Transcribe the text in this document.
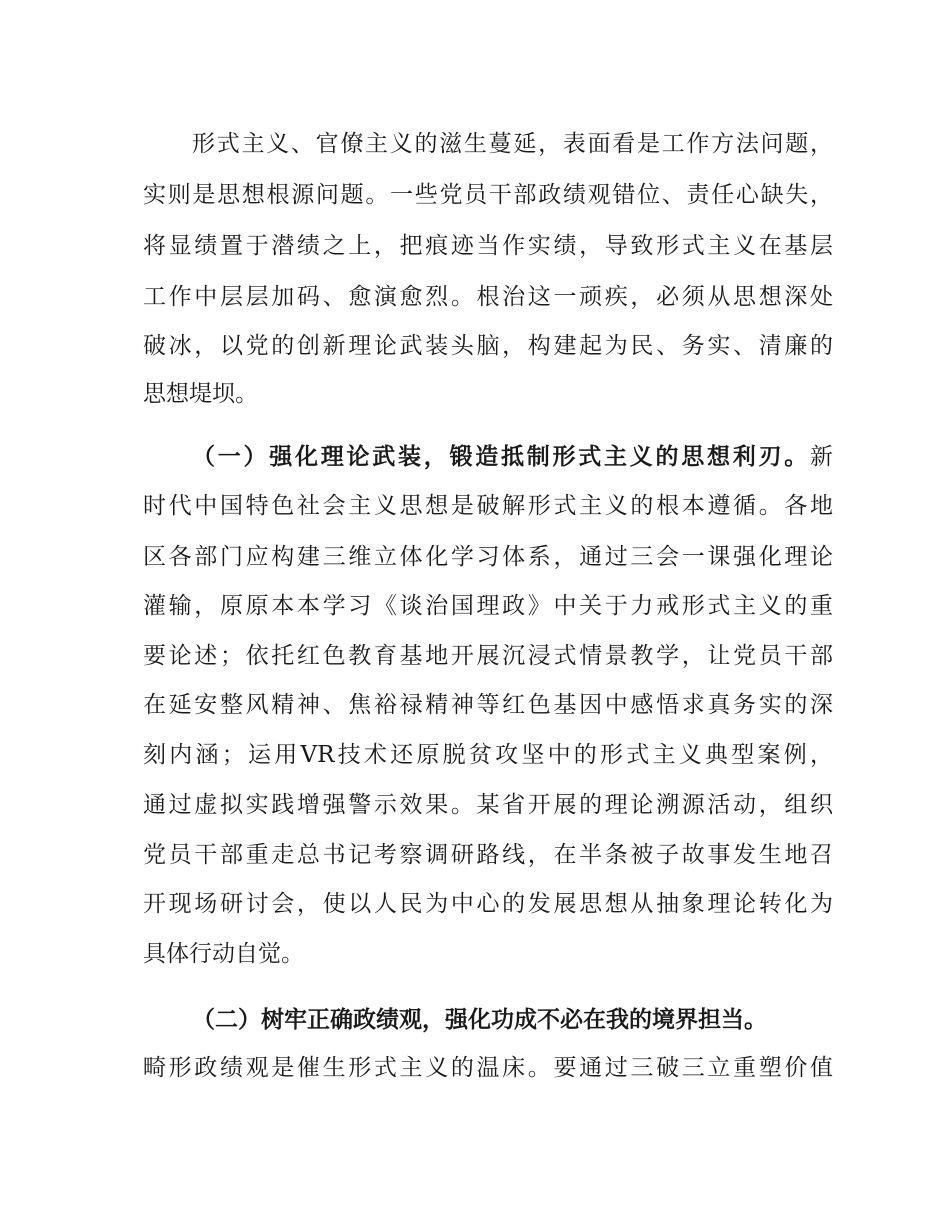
形式主义、官僚主义的滋生蔓延，表面看是工作方法问题，
实则是思想根源问题。一些党员干部政绩观错位、责任心缺失，
将显绩置于潜绩之上，把痕迹当作实绩，导致形式主义在基层
工作中层层加码、愈演愈烈。根治这一顽疾，必须从思想深处
破冰，以党的创新理论武装头脑，构建起为民、务实、清廉的
思想堤坝。
（一）强化理论武装，锻造抵制形式主义的思想利刃。新
时代中国特色社会主义思想是破解形式主义的根本遵循。各地
区各部门应构建三维立体化学习体系，通过三会一课强化理论
灌输，原原本本学习《谈治国理政》中关于力戒形式主义的重
要论述；依托红色教育基地开展沉浸式情景教学，让党员干部
在延安整风精神、焦裕禄精神等红色基因中感悟求真务实的深
刻内涵；运用VR技术还原脱贫攻坚中的形式主义典型案例，
通过虚拟实践增强警示效果。某省开展的理论溯源活动，组织
党员干部重走总书记考察调研路线，在半条被子故事发生地召
开现场研讨会，使以人民为中心的发展思想从抽象理论转化为
具体行动自觉。
（二）树牢正确政绩观，强化功成不必在我的境界担当。
畸形政绩观是催生形式主义的温床。要通过三破三立重塑价值
